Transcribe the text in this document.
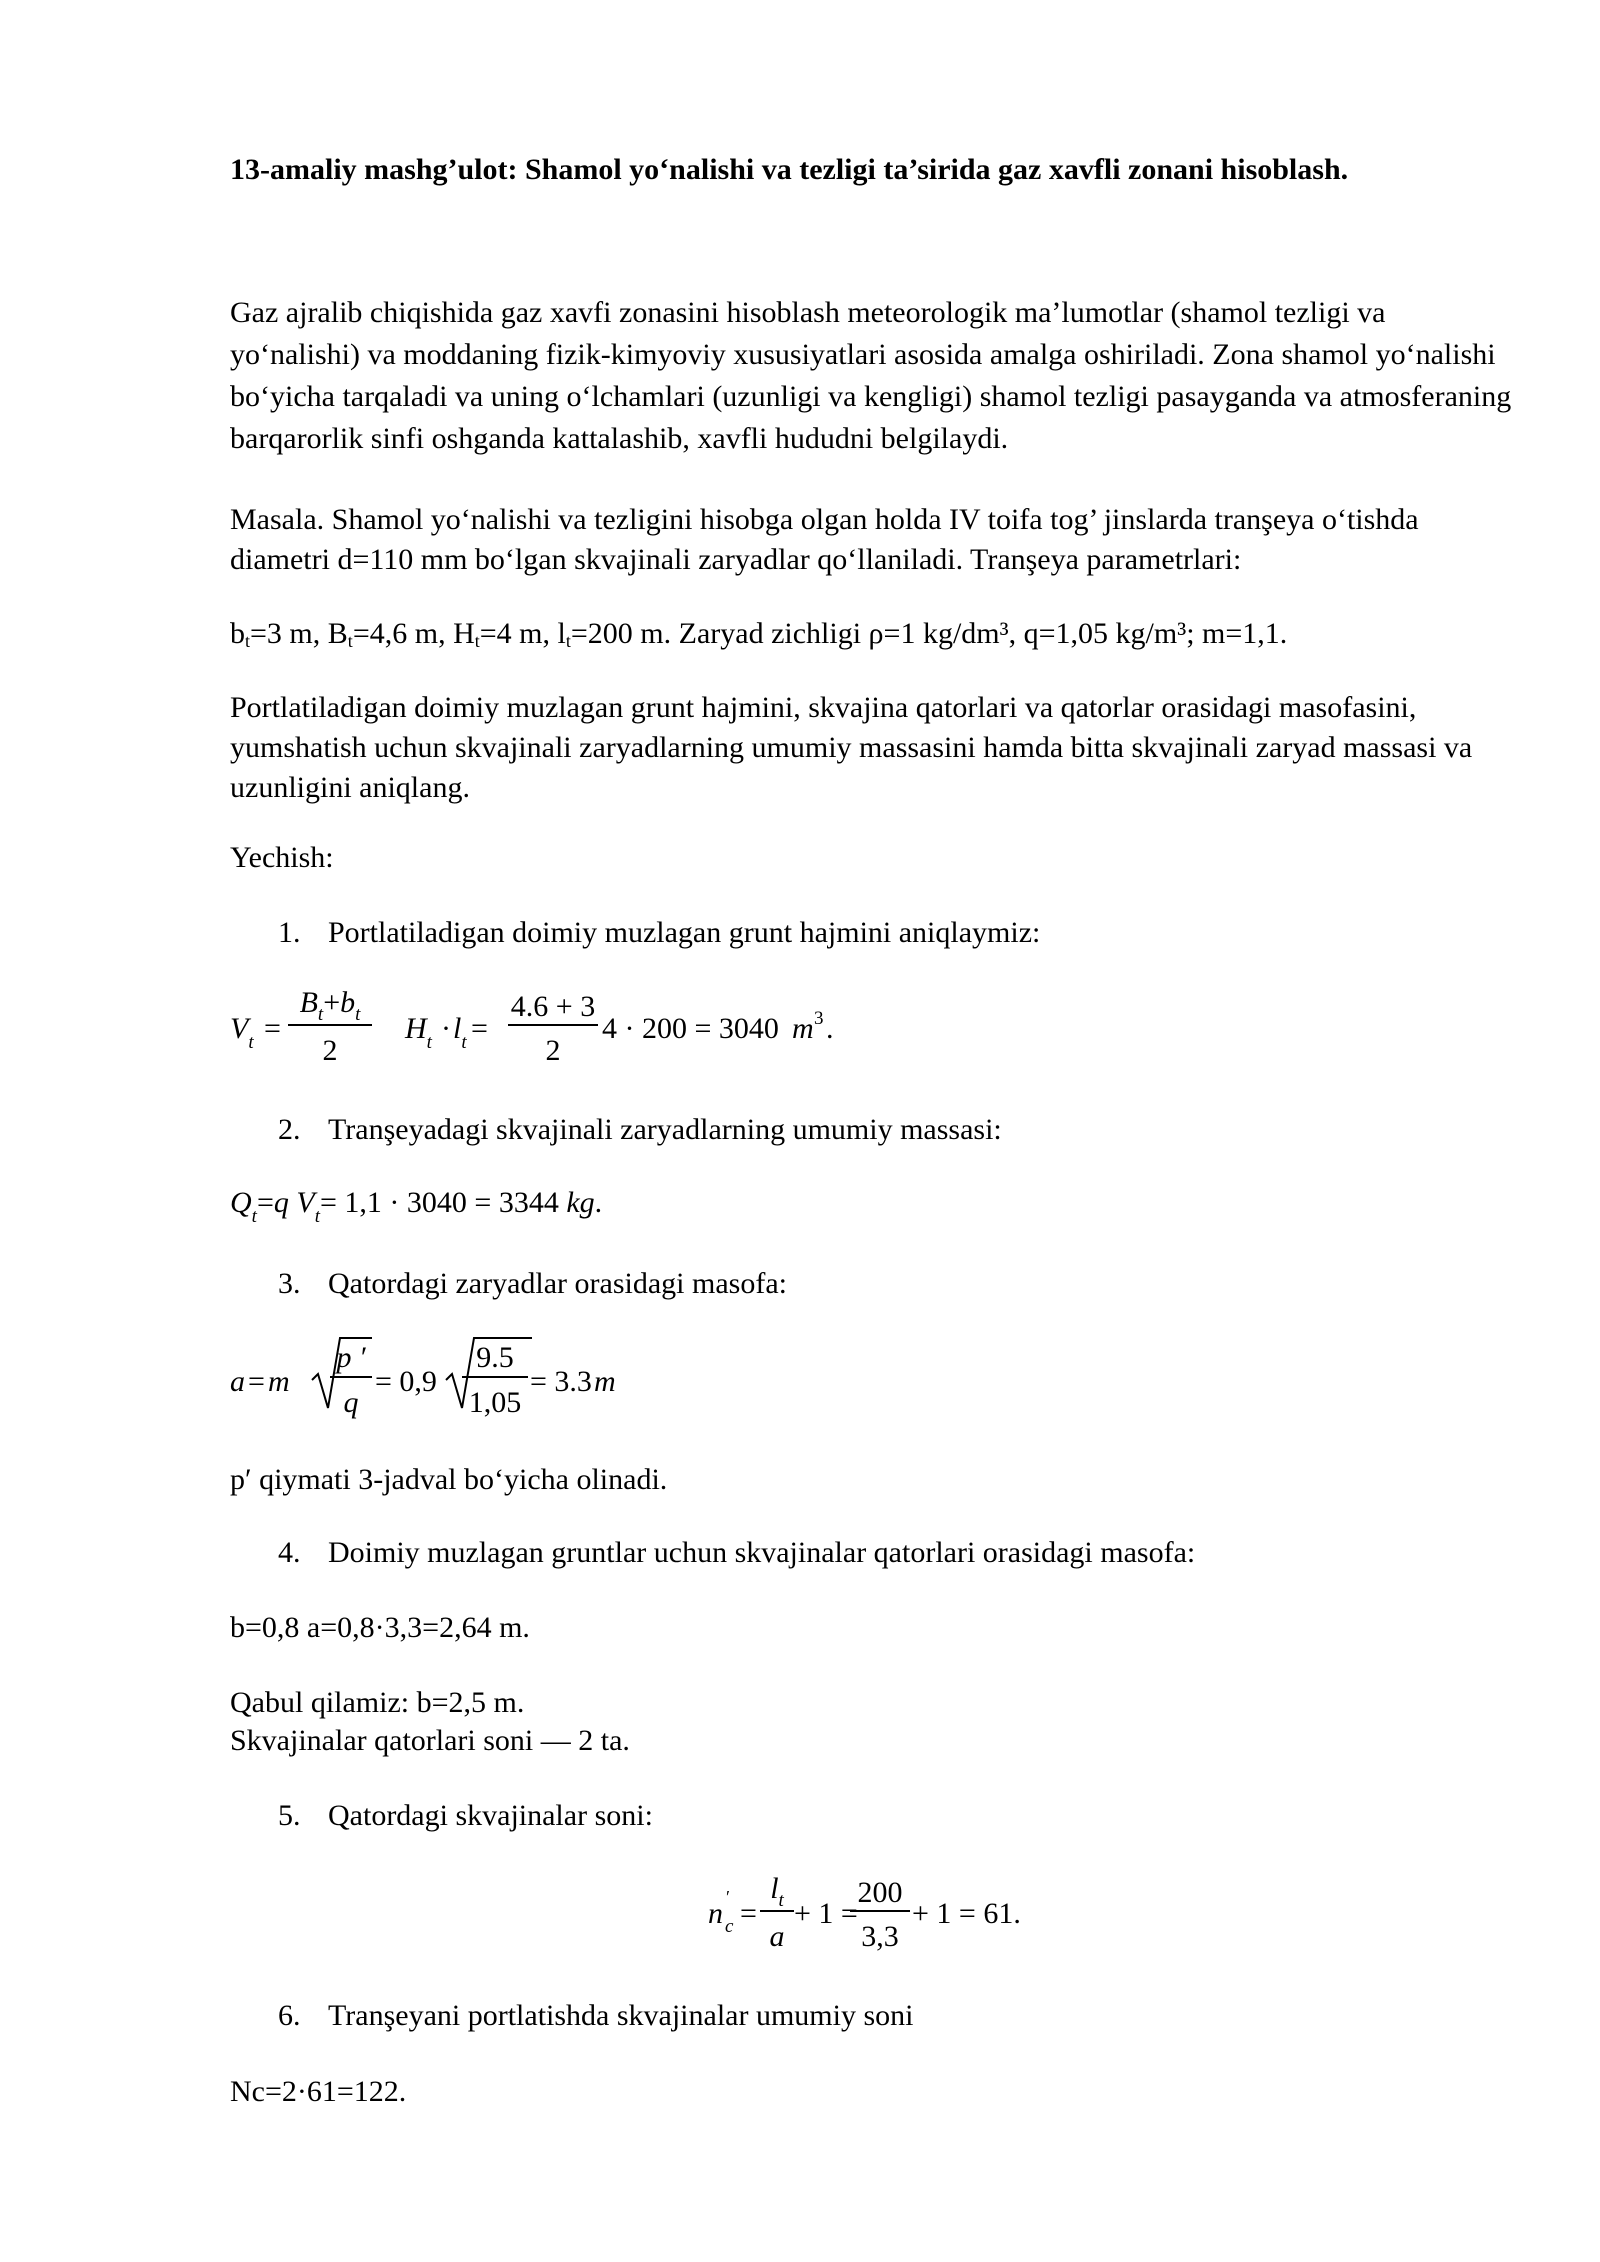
13-amaliy mashg’ulot: Shamol yo‘nalishi va tezligi ta’sirida gaz xavfli zonani hisoblash.
Gaz ajralib chiqishida gaz xavfi zonasini hisoblash meteorologik ma’lumotlar (shamol tezligi va yo‘nalishi) va moddaning fizik-kimyoviy xususiyatlari asosida amalga oshiriladi. Zona shamol yo‘nalishi bo‘yicha tarqaladi va uning o‘lchamlari (uzunligi va kengligi) shamol tezligi pasayganda va atmosferaning barqarorlik sinfi oshganda kattalashib, xavfli hududni belgilaydi.
Masala. Shamol yo‘nalishi va tezligini hisobga olgan holda IV toifa tog’ jinslarda tranşeya o‘tishda diametri d=110 mm bo‘lgan skvajinali zaryadlar qo‘llaniladi. Tranşeya parametrlari:
$b_t=3$ m, $B_t=4,6$ m, $H_t=4$ m, $l_t=200$ m. Zaryad zichligi ρ=1 kg/dm³, q=1,05 kg/m³; m=1,1.
Portlatiladigan doimiy muzlagan grunt hajmini, skvajina qatorlari va qatorlar orasidagi masofasini, yumshatish uchun skvajinali zaryadlarning umumiy massasini hamda bitta skvajinali zaryad massasi va uzunligini aniqlang.
Yechish:
1. Portlatiladigan doimiy muzlagan grunt hajmini aniqlaymiz:
$V_t$ =
$B_t+b_t$
2
$H_t \cdot l_t$ =
4.6 + 3
2
4 · 200 = 3040 m 3 .
2. Tranşeyadagi skvajinali zaryadlarning umumiy massasi:
$Q_t=q$ $V_t= 1,1 \cdot 3040 = 3344$ kg.
3. Qatordagi zaryadlar orasidagi masofa:
a = m
p ′
q
= 0,9
9.5
1,05
= 3.3 m
p′ qiymati 3-jadval bo‘yicha olinadi.
4. Doimiy muzlagan gruntlar uchun skvajinalar qatorlari orasidagi masofa:
b=0,8 a=0,8·3,3=2,64 m.
Qabul qilamiz: b=2,5 m.
Skvajinalar qatorlari soni — 2 ta.
5. Qatordagi skvajinalar soni:
n ′
c =
$l_t$
a
+ 1 =
200
3,3
+ 1 = 61.
6. Tranşeyani portlatishda skvajinalar umumiy soni
Nc=2·61=122.
